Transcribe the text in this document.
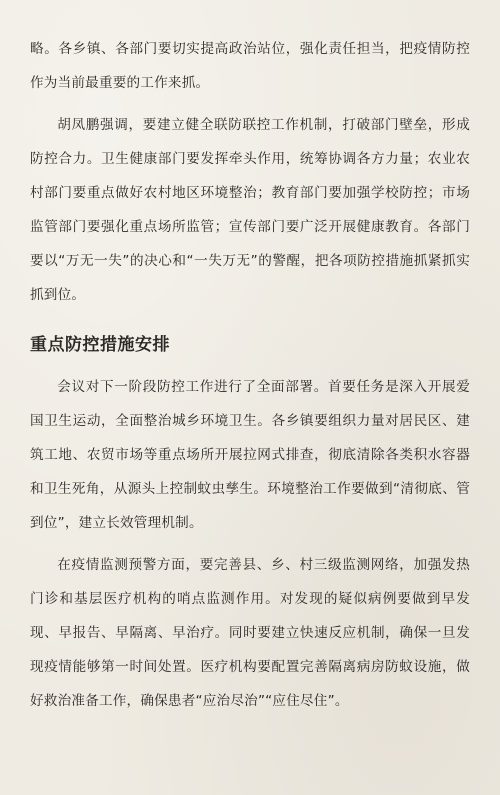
略。各乡镇、各部门要切实提高政治站位，强化责任担当，把疫情防控作为当前最重要的工作来抓。

胡凤鹏强调，要建立健全联防联控工作机制，打破部门壁垒，形成防控合力。卫生健康部门要发挥牵头作用，统筹协调各方力量；农业农村部门要重点做好农村地区环境整治；教育部门要加强学校防控；市场监管部门要强化重点场所监管；宣传部门要广泛开展健康教育。各部门要以“万无一失”的决心和“一失万无”的警醒，把各项防控措施抓紧抓实抓到位。

重点防控措施安排

会议对下一阶段防控工作进行了全面部署。首要任务是深入开展爱国卫生运动，全面整治城乡环境卫生。各乡镇要组织力量对居民区、建筑工地、农贸市场等重点场所开展拉网式排查，彻底清除各类积水容器和卫生死角，从源头上控制蚊虫孳生。环境整治工作要做到“清彻底、管到位”，建立长效管理机制。

在疫情监测预警方面，要完善县、乡、村三级监测网络，加强发热门诊和基层医疗机构的哨点监测作用。对发现的疑似病例要做到早发现、早报告、早隔离、早治疗。同时要建立快速反应机制，确保一旦发现疫情能够第一时间处置。医疗机构要配置完善隔离病房防蚊设施，做好救治准备工作，确保患者“应治尽治”“应住尽住”。
